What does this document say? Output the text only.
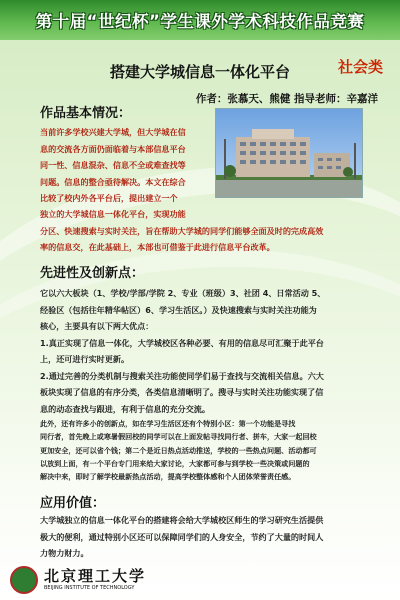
第十届“世纪杯”学生课外学术科技作品竞赛
搭建大学城信息一体化平台	社会类
作者：张慕天、熊健 指导老师：辛嘉洋
作品基本情况：

当前许多学校兴建大学城，但大学城在信

息的交流各方面仍面临着与本部信息平台

同一性、信息混杂、信息不全或难查找等

问题。信息的整合亟待解决。本文在综合

比较了校内外各平台后，提出建立一个

独立的大学城信息一体化平台，实现功能

分区、快速搜索与实时关注，旨在帮助大学城的同学们能够全面及时的完成高效

率的信息交，在此基础上，本部也可借鉴于此进行信息平台改革。

先进性及创新点：

它以六大板块（1、学校/学部/学院 2、专业（班级）3、社团 4、日常活动 5、

经验区（包括往年精华帖区）6、学习生活区。）及快速搜索与实时关注功能为

核心，主要具有以下两大优点：

1.真正实现了信息一体化，大学城校区各种必要、有用的信息尽可汇聚于此平台

上，还可进行实时更新。

2.通过完善的分类机制与搜索关注功能使同学们易于查找与交流相关信息。六大

板块实现了信息的有序分类，各类信息清晰明了。搜寻与实时关注功能实现了信

息的动态查找与跟进，有利于信息的充分交流。

此外，还有许多小的创新点，如在学习生活区还有个特别小区：第一个功能是寻找

同行者，首先晚上或寒暑假回校的同学可以在上面发帖寻找同行者、拼车，大家一起回校

更加安全，还可以省个钱；第二个是近日热点活动推送，学校的一些热点问题、活动都可

以放到上面，有一个平台专门用来给大家讨论，大家都可参与到学校一些决策或问题的

解决中来，即时了解学校最新热点活动，提高学校整体感和个人团体荣誉责任感。

应用价值：

大学城独立的信息一体化平台的搭建将会给大学城校区师生的学习研究生活提供

极大的便利，通过特别小区还可以保障同学们的人身安全，节约了大量的时间人

力物力财力。

北京理工大学
BEIJING INSTITUTE OF TECHNOLOGY
